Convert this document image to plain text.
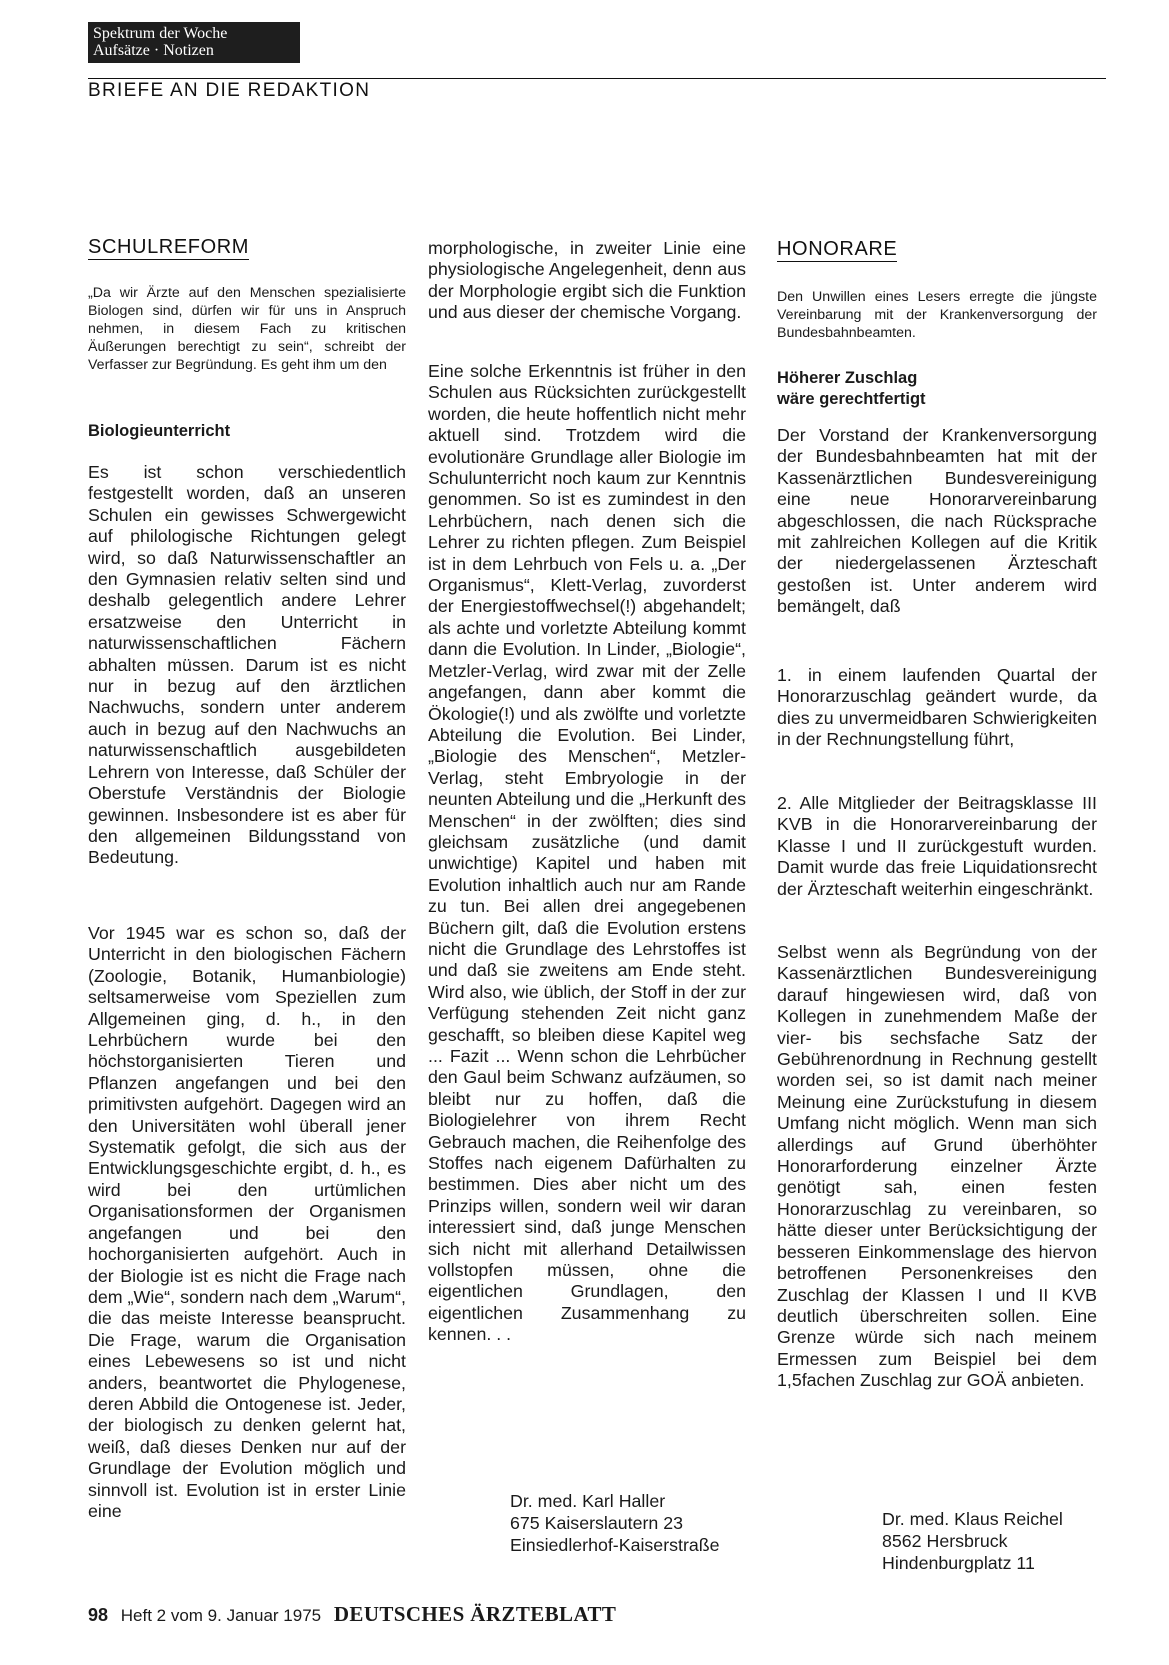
Spektrum der Woche
Aufsätze · Notizen
BRIEFE AN DIE REDAKTION
SCHULREFORM

„Da wir Ärzte auf den Menschen spezialisierte Biologen sind, dürfen wir für uns in Anspruch nehmen, in diesem Fach zu kritischen Äußerungen berechtigt zu sein“, schreibt der Verfasser zur Begründung. Es geht ihm um den

Biologieunterricht

Es ist schon verschiedentlich festgestellt worden, daß an unseren Schulen ein gewisses Schwergewicht auf philologische Richtungen gelegt wird, so daß Naturwissenschaftler an den Gymnasien relativ selten sind und deshalb gelegentlich andere Lehrer ersatzweise den Unterricht in naturwissenschaftlichen Fächern abhalten müssen. Darum ist es nicht nur in bezug auf den ärztlichen Nachwuchs, sondern unter anderem auch in bezug auf den Nachwuchs an naturwissenschaftlich ausgebildeten Lehrern von Interesse, daß Schüler der Oberstufe Verständnis der Biologie gewinnen. Insbesondere ist es aber für den allgemeinen Bildungsstand von Bedeutung.

Vor 1945 war es schon so, daß der Unterricht in den biologischen Fächern (Zoologie, Botanik, Humanbiologie) seltsamerweise vom Speziellen zum Allgemeinen ging, d. h., in den Lehrbüchern wurde bei den höchstorganisierten Tieren und Pflanzen angefangen und bei den primitivsten aufgehört. Dagegen wird an den Universitäten wohl überall jener Systematik gefolgt, die sich aus der Entwicklungsgeschichte ergibt, d. h., es wird bei den urtümlichen Organisationsformen der Organismen angefangen und bei den hochorganisierten aufgehört. Auch in der Biologie ist es nicht die Frage nach dem „Wie“, sondern nach dem „Warum“, die das meiste Interesse beansprucht. Die Frage, warum die Organisation eines Lebewesens so ist und nicht anders, beantwortet die Phylogenese, deren Abbild die Ontogenese ist. Jeder, der biologisch zu denken gelernt hat, weiß, daß dieses Denken nur auf der Grundlage der Evolution möglich und sinnvoll ist. Evolution ist in erster Linie eine

morphologische, in zweiter Linie eine physiologische Angelegenheit, denn aus der Morphologie ergibt sich die Funktion und aus dieser der chemische Vorgang.

Eine solche Erkenntnis ist früher in den Schulen aus Rücksichten zurückgestellt worden, die heute hoffentlich nicht mehr aktuell sind. Trotzdem wird die evolutionäre Grundlage aller Biologie im Schulunterricht noch kaum zur Kenntnis genommen. So ist es zumindest in den Lehrbüchern, nach denen sich die Lehrer zu richten pflegen. Zum Beispiel ist in dem Lehrbuch von Fels u. a. „Der Organismus“, Klett-Verlag, zuvorderst der Energiestoffwechsel(!) abgehandelt; als achte und vorletzte Abteilung kommt dann die Evolution. In Linder, „Biologie“, Metzler-Verlag, wird zwar mit der Zelle angefangen, dann aber kommt die Ökologie(!) und als zwölfte und vorletzte Abteilung die Evolution. Bei Linder, „Biologie des Menschen“, Metzler-Verlag, steht Embryologie in der neunten Abteilung und die „Herkunft des Menschen“ in der zwölften; dies sind gleichsam zusätzliche (und damit unwichtige) Kapitel und haben mit Evolution inhaltlich auch nur am Rande zu tun. Bei allen drei angegebenen Büchern gilt, daß die Evolution erstens nicht die Grundlage des Lehrstoffes ist und daß sie zweitens am Ende steht. Wird also, wie üblich, der Stoff in der zur Verfügung stehenden Zeit nicht ganz geschafft, so bleiben diese Kapitel weg ... Fazit ... Wenn schon die Lehrbücher den Gaul beim Schwanz aufzäumen, so bleibt nur zu hoffen, daß die Biologielehrer von ihrem Recht Gebrauch machen, die Reihenfolge des Stoffes nach eigenem Dafürhalten zu bestimmen. Dies aber nicht um des Prinzips willen, sondern weil wir daran interessiert sind, daß junge Menschen sich nicht mit allerhand Detailwissen vollstopfen müssen, ohne die eigentlichen Grundlagen, den eigentlichen Zusammenhang zu kennen. . .

Dr. med. Karl Haller
675 Kaiserslautern 23
Einsiedlerhof-Kaiserstraße
HONORARE

Den Unwillen eines Lesers erregte die jüngste Vereinbarung mit der Krankenversorgung der Bundesbahnbeamten.

Höherer Zuschlag
wäre gerechtfertigt

Der Vorstand der Krankenversorgung der Bundesbahnbeamten hat mit der Kassenärztlichen Bundesvereinigung eine neue Honorarvereinbarung abgeschlossen, die nach Rücksprache mit zahlreichen Kollegen auf die Kritik der niedergelassenen Ärzteschaft gestoßen ist. Unter anderem wird bemängelt, daß

1. in einem laufenden Quartal der Honorarzuschlag geändert wurde, da dies zu unvermeidbaren Schwierigkeiten in der Rechnungstellung führt,

2. Alle Mitglieder der Beitragsklasse III KVB in die Honorarvereinbarung der Klasse I und II zurückgestuft wurden. Damit wurde das freie Liquidationsrecht der Ärzteschaft weiterhin eingeschränkt.

Selbst wenn als Begründung von der Kassenärztlichen Bundesvereinigung darauf hingewiesen wird, daß von Kollegen in zunehmendem Maße der vier- bis sechsfache Satz der Gebührenordnung in Rechnung gestellt worden sei, so ist damit nach meiner Meinung eine Zurückstufung in diesem Umfang nicht möglich. Wenn man sich allerdings auf Grund überhöhter Honorarforderung einzelner Ärzte genötigt sah, einen festen Honorarzuschlag zu vereinbaren, so hätte dieser unter Berücksichtigung der besseren Einkommenslage des hiervon betroffenen Personenkreises den Zuschlag der Klassen I und II KVB deutlich überschreiten sollen. Eine Grenze würde sich nach meinem Ermessen zum Beispiel bei dem 1,5fachen Zuschlag zur GOÄ anbieten.

Dr. med. Klaus Reichel
8562 Hersbruck
Hindenburgplatz 11
98 Heft 2 vom 9. Januar 1975 DEUTSCHES ÄRZTEBLATT
